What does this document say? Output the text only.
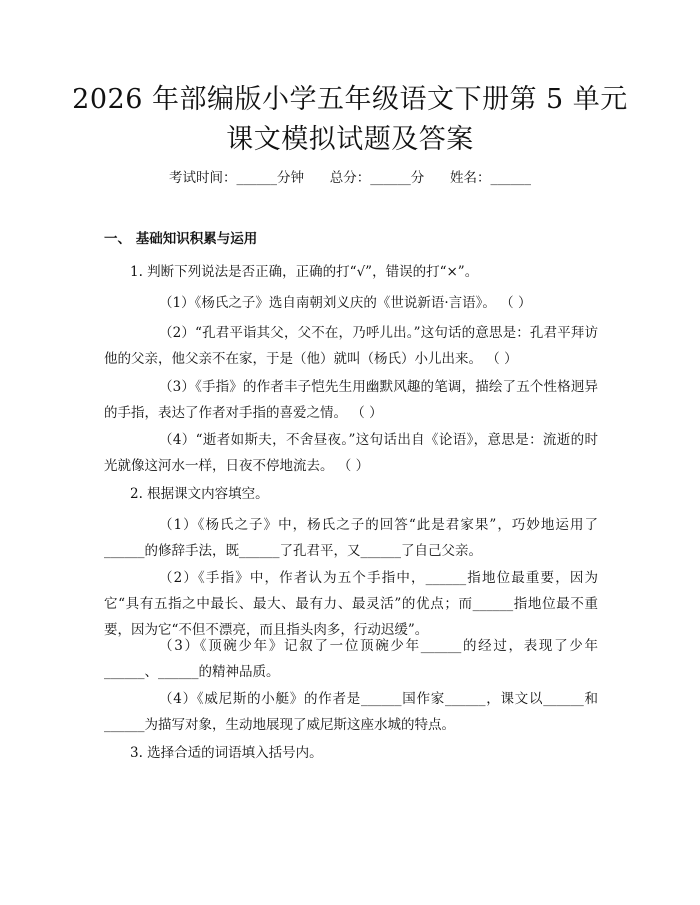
2026 年部编版小学五年级语文下册第 5 单元
课文模拟试题及答案
考试时间：______分钟      总分：______分      姓名：______
一、 基础知识积累与运用
1. 判断下列说法是否正确，正确的打“√”，错误的打“×”。
（1）《杨氏之子》选自南朝刘义庆的《世说新语·言语》。 （ ）
（2）“孔君平诣其父，父不在，乃呼儿出。”这句话的意思是：孔君平拜访他的父亲，他父亲不在家，于是（他）就叫（杨氏）小儿出来。 （ ）
（3）《手指》的作者丰子恺先生用幽默风趣的笔调，描绘了五个性格迥异的手指，表达了作者对手指的喜爱之情。 （ ）
（4）“逝者如斯夫，不舍昼夜。”这句话出自《论语》，意思是：流逝的时光就像这河水一样，日夜不停地流去。 （ ）
2. 根据课文内容填空。
（1）《杨氏之子》中，杨氏之子的回答“此是君家果”，巧妙地运用了______的修辞手法，既______了孔君平，又______了自己父亲。
（2）《手指》中，作者认为五个手指中，______指地位最重要，因为它“具有五指之中最长、最大、最有力、最灵活”的优点；而______指地位最不重要，因为它“不但不漂亮，而且指头肉多，行动迟缓”。
（3）《顶碗少年》记叙了一位顶碗少年______的经过，表现了少年______、______的精神品质。
（4）《威尼斯的小艇》的作者是______国作家______，课文以______和______为描写对象，生动地展现了威尼斯这座水城的特点。
3. 选择合适的词语填入括号内。
